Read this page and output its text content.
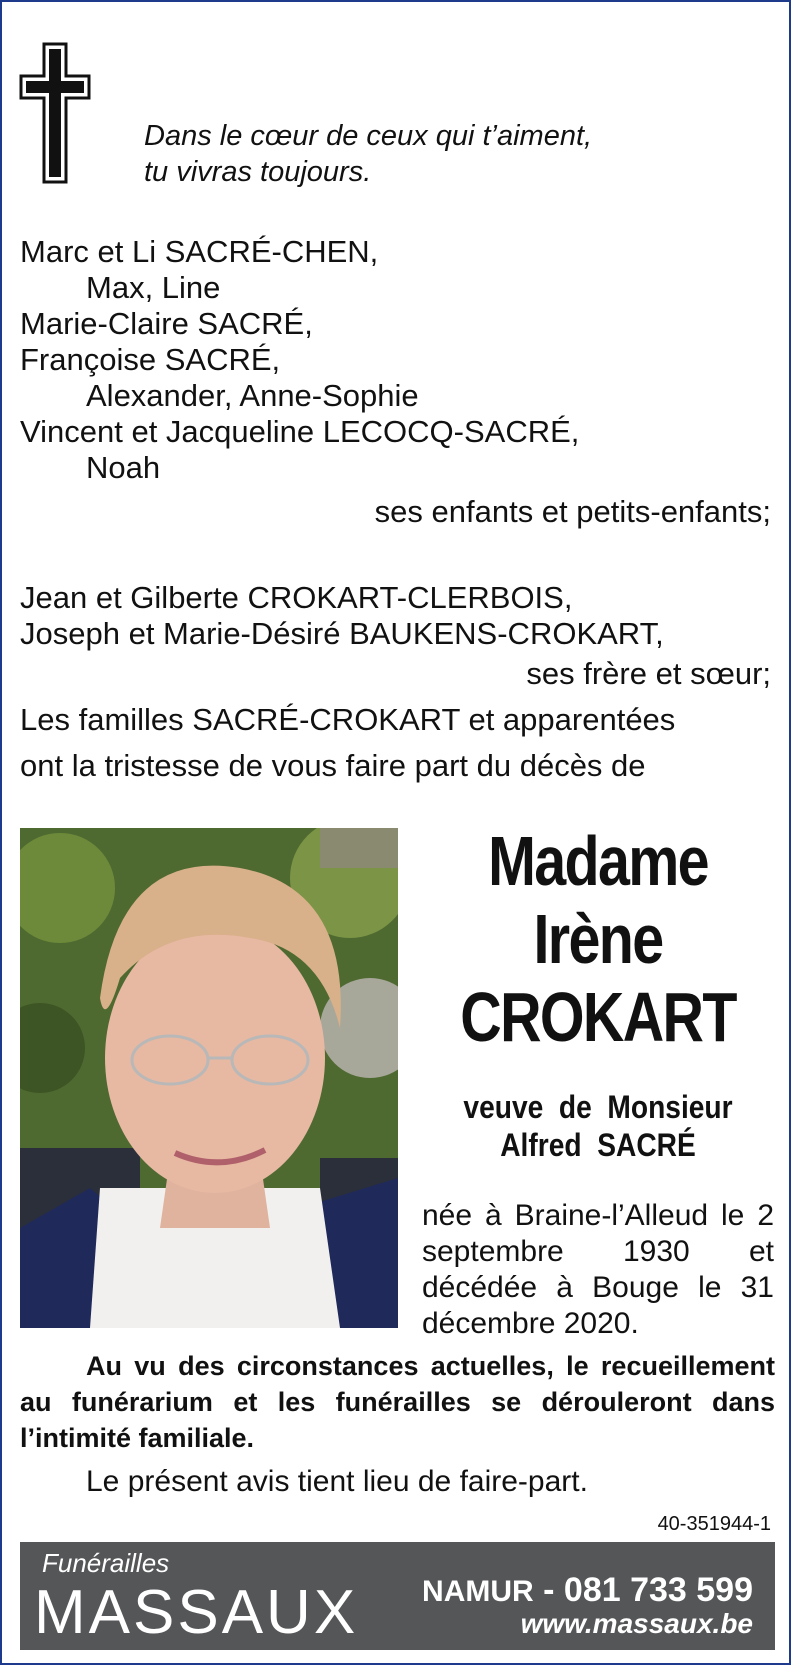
Dans le cœur de ceux qui t’aiment,
tu vivras toujours.
Marc et Li SACRÉ-CHEN,
Max, Line
Marie-Claire SACRÉ,
Françoise SACRÉ,
Alexander, Anne-Sophie
Vincent et Jacqueline LECOCQ-SACRÉ,
Noah
ses enfants et petits-enfants;
Jean et Gilberte CROKART-CLERBOIS,
Joseph et Marie-Désiré BAUKENS-CROKART,
ses frère et sœur;
Les familles SACRÉ-CROKART et apparentées
ont la tristesse de vous faire part du décès de
Madame
Irène
CROKART
veuve  de  Monsieur
Alfred  SACRÉ
née à Braine-l’Alleud le 2 septembre 1930 et décédée à Bouge le 31 décembre 2020.
Au vu des circonstances actuelles, le recueillement au funérarium et les funérailles se dérouleront dans l’intimité familiale.
Le présent avis tient lieu de faire-part.
40-351944-1
Funérailles
MASSAUX NAMUR - 081 733 599
www.massaux.be
